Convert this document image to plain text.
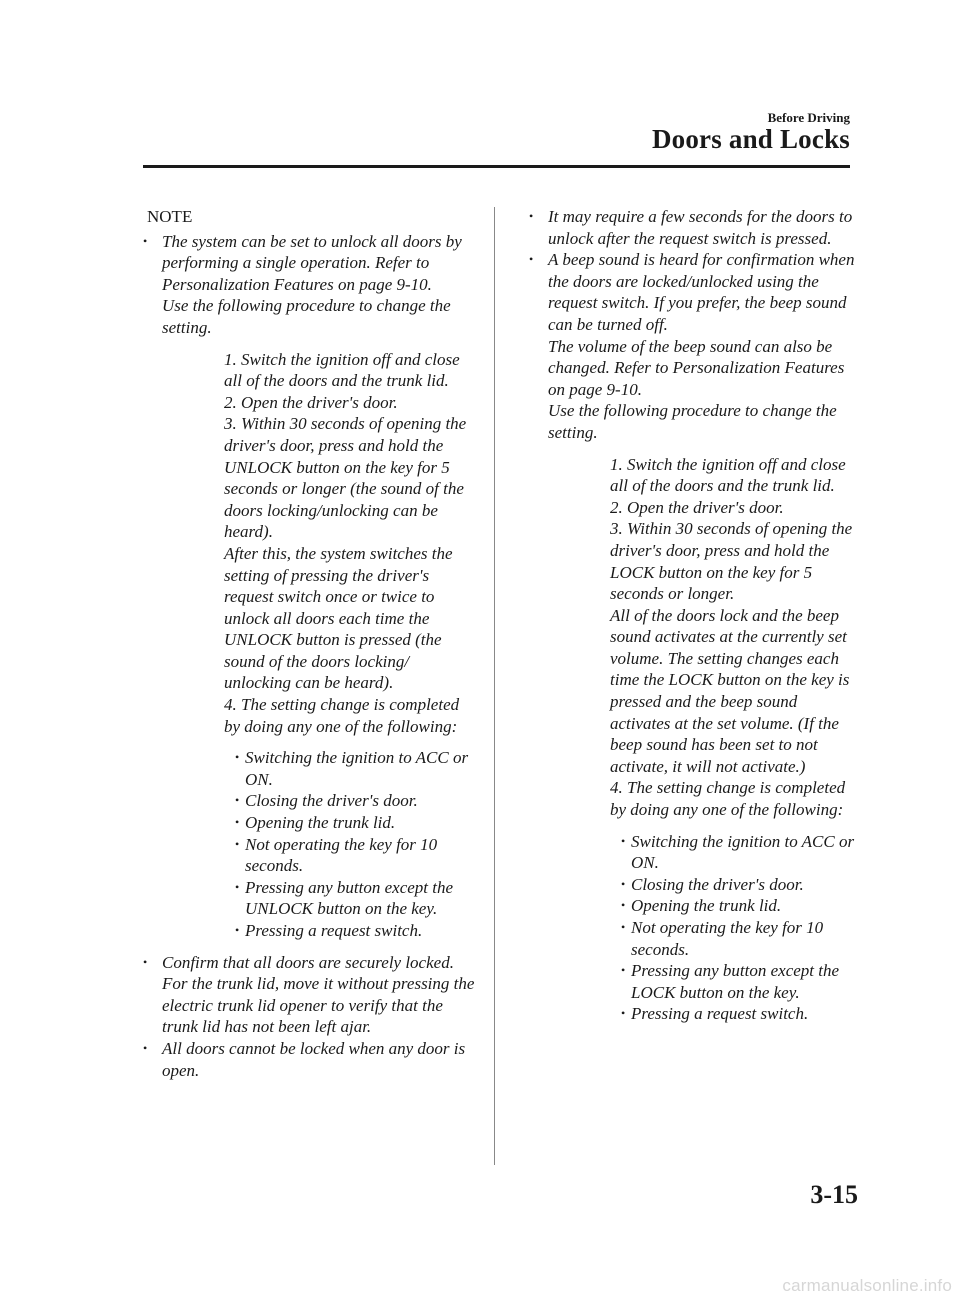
Before Driving
Doors and Locks
NOTE
• The system can be set to unlock all doors by performing a single operation. Refer to Personalization Features on page 9-10.
Use the following procedure to change the setting.
1. Switch the ignition off and close all of the doors and the trunk lid.
2. Open the driver's door.
3. Within 30 seconds of opening the driver's door, press and hold the UNLOCK button on the key for 5 seconds or longer (the sound of the doors locking/unlocking can be heard).
After this, the system switches the setting of pressing the driver's request switch once or twice to unlock all doors each time the UNLOCK button is pressed (the sound of the doors locking/ unlocking can be heard).
4. The setting change is completed by doing any one of the following:
• Switching the ignition to ACC or ON.
• Closing the driver's door.
• Opening the trunk lid.
• Not operating the key for 10 seconds.
• Pressing any button except the UNLOCK button on the key.
• Pressing a request switch.
• Confirm that all doors are securely locked.
For the trunk lid, move it without pressing the electric trunk lid opener to verify that the trunk lid has not been left ajar.
• All doors cannot be locked when any door is open.
• It may require a few seconds for the doors to unlock after the request switch is pressed.
• A beep sound is heard for confirmation when the doors are locked/unlocked using the request switch. If you prefer, the beep sound can be turned off.
The volume of the beep sound can also be changed. Refer to Personalization Features on page 9-10.
Use the following procedure to change the setting.
1. Switch the ignition off and close all of the doors and the trunk lid.
2. Open the driver's door.
3. Within 30 seconds of opening the driver's door, press and hold the LOCK button on the key for 5 seconds or longer.
All of the doors lock and the beep sound activates at the currently set volume. The setting changes each time the LOCK button on the key is pressed and the beep sound activates at the set volume. (If the beep sound has been set to not activate, it will not activate.)
4. The setting change is completed by doing any one of the following:
• Switching the ignition to ACC or ON.
• Closing the driver's door.
• Opening the trunk lid.
• Not operating the key for 10 seconds.
• Pressing any button except the LOCK button on the key.
• Pressing a request switch.
3-15
carmanualsonline.info
